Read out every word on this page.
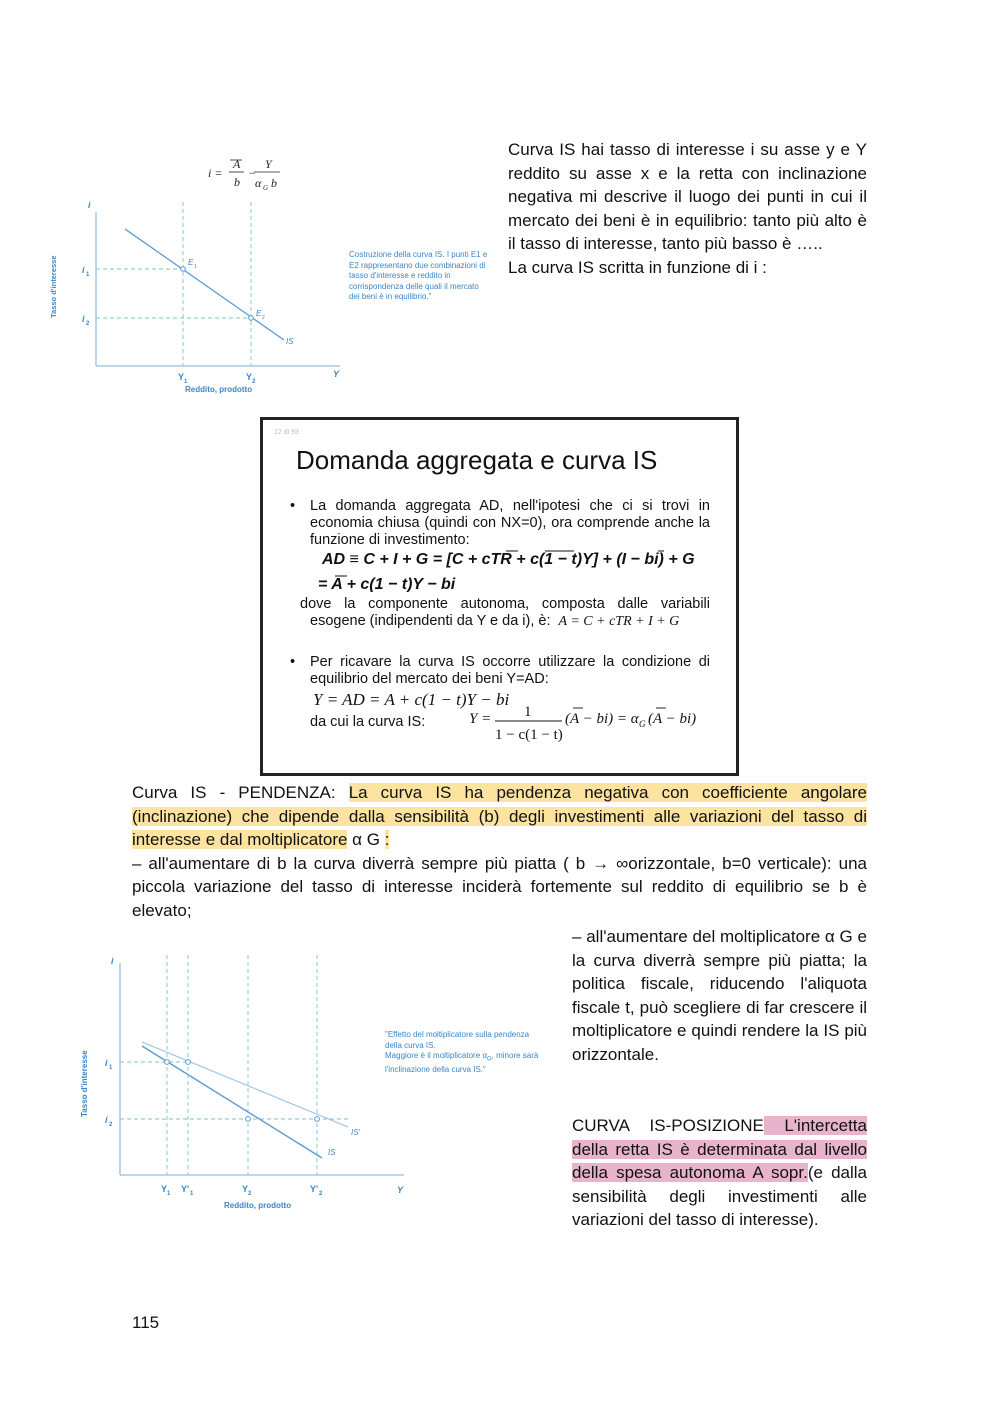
i =
A
b
−
Y
α G b
E 1
E 2
IS
i
Y
i 1
i 2
Y 1	Y 2
Reddito, prodotto
Tasso d'interesse
Costruzione della curva IS. I punti E1 e E2 rappresentano due combinazioni di tasso d'interesse e reddito in corrispondenza delle quali il mercato dei beni è in equilibrio."

Curva IS hai tasso di interesse i su asse y e Y reddito su asse x e la retta con inclinazione negativa mi descrive il luogo dei punti in cui il mercato dei beni è in equilibrio: tanto più alto è il tasso di interesse, tanto più basso è …..

La curva IS scritta in funzione di i :

12 di 93
Domanda aggregata e curva IS
• La domanda aggregata AD, nell'ipotesi che ci si trovi in economia chiusa (quindi con NX=0), ora comprende anche la funzione di investimento:
AD ≡ C + I + G = [C + cTR + c(1 − t)Y] + (I − bi) + G
= A + c(1 − t)Y − bi
dove la componente autonoma, composta dalle variabili
esogene (indipendenti da Y e da i), è: A = C + cTR + I + G
• Per ricavare la curva IS occorre utilizzare la condizione di equilibrio del mercato dei beni Y=AD:
Y = AD = A + c(1 − t)Y − bi
da cui la curva IS:	Y = 1
1 − c(1 − t)
(A − bi) = α G (A − bi)

Curva IS - PENDENZA: La curva IS ha pendenza negativa con coefficiente angolare (inclinazione) che dipende dalla sensibilità (b) degli investimenti alle variazioni del tasso di interesse e dal moltiplicatore α G :

– all'aumentare di b la curva diverrà sempre più piatta ( b → ∞orizzontale, b=0 verticale): una piccola variazione del tasso di interesse inciderà fortemente sul reddito di equilibrio se b è elevato;

IS'
IS
i
Y
i 1
i 2
Y 1 Y' 1	Y 2	Y' 2
Reddito, prodotto
Tasso d'interesse
"Effetto del moltiplicatore sulla pendenza
della curva IS.
Maggiore è il moltiplicatore $\alpha_G$, minore sarà
l'inclinazione della curva IS."

– all'aumentare del moltiplicatore α G e la curva diverrà sempre più piatta; la politica fiscale, riducendo l'aliquota fiscale t, può scegliere di far crescere il moltiplicatore e quindi rendere la IS più orizzontale.

CURVA IS-POSIZIONE L'intercetta della retta IS è determinata dal livello della spesa autonoma A sopr.(e dalla sensibilità degli investimenti alle variazioni del tasso di interesse).

115
